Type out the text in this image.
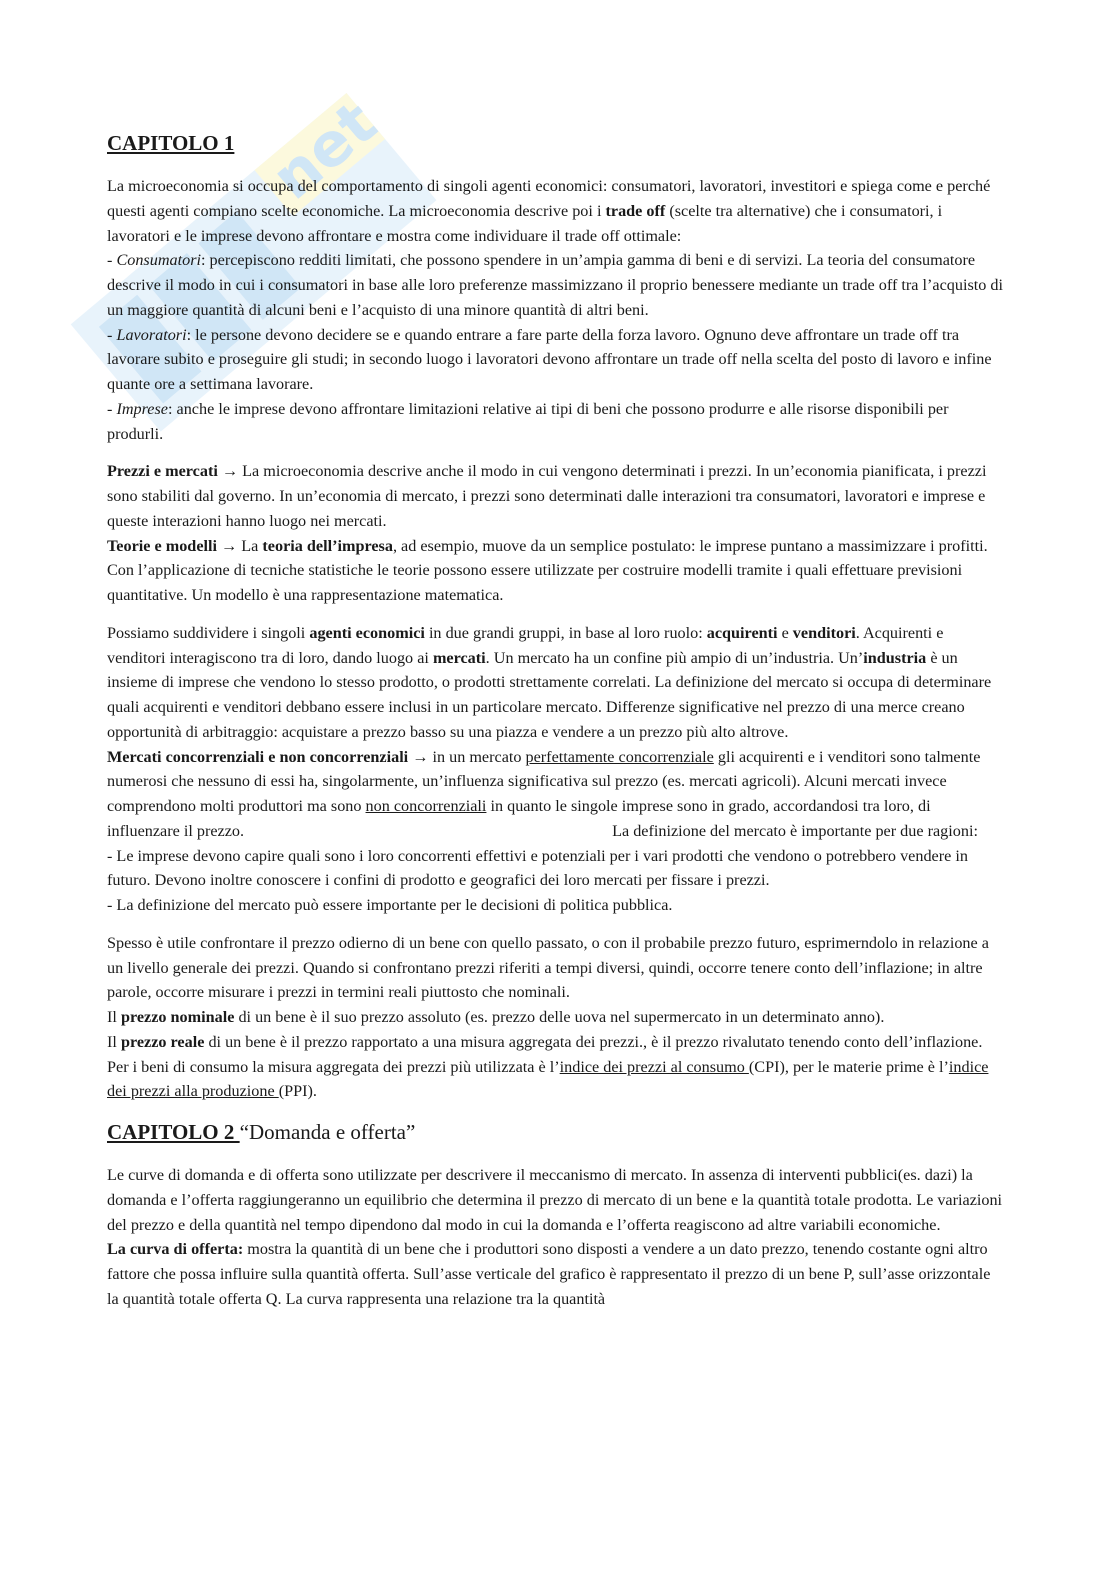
net
CAPITOLO 1

La microeconomia si occupa del comportamento di singoli agenti economici: consumatori, lavoratori, investitori e spiega come e perché questi agenti compiano scelte economiche. La microeconomia descrive poi i trade off (scelte tra alternative) che i consumatori, i lavoratori e le imprese devono affrontare e mostra come individuare il trade off ottimale:
- Consumatori: percepiscono redditi limitati, che possono spendere in un’ampia gamma di beni e di servizi. La teoria del consumatore descrive il modo in cui i consumatori in base alle loro preferenze massimizzano il proprio benessere mediante un trade off tra l’acquisto di un maggiore quantità di alcuni beni e l’acquisto di una minore quantità di altri beni.
- Lavoratori: le persone devono decidere se e quando entrare a fare parte della forza lavoro. Ognuno deve affrontare un trade off tra lavorare subito e proseguire gli studi; in secondo luogo i lavoratori devono affrontare un trade off nella scelta del posto di lavoro e infine quante ore a settimana lavorare.
- Imprese: anche le imprese devono affrontare limitazioni relative ai tipi di beni che possono produrre e alle risorse disponibili per produrli.

Prezzi e mercati → La microeconomia descrive anche il modo in cui vengono determinati i prezzi. In un’economia pianificata, i prezzi sono stabiliti dal governo. In un’economia di mercato, i prezzi sono determinati dalle interazioni tra consumatori, lavoratori e imprese e queste interazioni hanno luogo nei mercati.
Teorie e modelli → La teoria dell’impresa, ad esempio, muove da un semplice postulato: le imprese puntano a massimizzare i profitti. Con l’applicazione di tecniche statistiche le teorie possono essere utilizzate per costruire modelli tramite i quali effettuare previsioni quantitative. Un modello è una rappresentazione matematica.

Possiamo suddividere i singoli agenti economici in due grandi gruppi, in base al loro ruolo: acquirenti e venditori. Acquirenti e venditori interagiscono tra di loro, dando luogo ai mercati. Un mercato ha un confine più ampio di un’industria. Un’industria è un insieme di imprese che vendono lo stesso prodotto, o prodotti strettamente correlati. La definizione del mercato si occupa di determinare quali acquirenti e venditori debbano essere inclusi in un particolare mercato. Differenze significative nel prezzo di una merce creano opportunità di arbitraggio: acquistare a prezzo basso su una piazza e vendere a un prezzo più alto altrove.
Mercati concorrenziali e non concorrenziali → in un mercato perfettamente concorrenziale gli acquirenti e i venditori sono talmente numerosi che nessuno di essi ha, singolarmente, un’influenza significativa sul prezzo (es. mercati agricoli). Alcuni mercati invece comprendono molti produttori ma sono non concorrenziali in quanto le singole imprese sono in grado, accordandosi tra loro, di influenzare il prezzo.	La definizione del mercato è importante per due ragioni:
- Le imprese devono capire quali sono i loro concorrenti effettivi e potenziali per i vari prodotti che vendono o potrebbero vendere in futuro. Devono inoltre conoscere i confini di prodotto e geografici dei loro mercati per fissare i prezzi.
- La definizione del mercato può essere importante per le decisioni di politica pubblica.

Spesso è utile confrontare il prezzo odierno di un bene con quello passato, o con il probabile prezzo futuro, esprimerndolo in relazione a un livello generale dei prezzi. Quando si confrontano prezzi riferiti a tempi diversi, quindi, occorre tenere conto dell’inflazione; in altre parole, occorre misurare i prezzi in termini reali piuttosto che nominali.
Il prezzo nominale di un bene è il suo prezzo assoluto (es. prezzo delle uova nel supermercato in un determinato anno).
Il prezzo reale di un bene è il prezzo rapportato a una misura aggregata dei prezzi., è il prezzo rivalutato tenendo conto dell’inflazione. Per i beni di consumo la misura aggregata dei prezzi più utilizzata è l’indice dei prezzi al consumo (CPI), per le materie prime è l’indice dei prezzi alla produzione (PPI).

CAPITOLO 2 “Domanda e offerta”

Le curve di domanda e di offerta sono utilizzate per descrivere il meccanismo di mercato. In assenza di interventi pubblici(es. dazi) la domanda e l’offerta raggiungeranno un equilibrio che determina il prezzo di mercato di un bene e la quantità totale prodotta. Le variazioni del prezzo e della quantità nel tempo dipendono dal modo in cui la domanda e l’offerta reagiscono ad altre variabili economiche.
La curva di offerta: mostra la quantità di un bene che i produttori sono disposti a vendere a un dato prezzo, tenendo costante ogni altro fattore che possa influire sulla quantità offerta. Sull’asse verticale del grafico è rappresentato il prezzo di un bene P, sull’asse orizzontale la quantità totale offerta Q. La curva rappresenta una relazione tra la quantità
